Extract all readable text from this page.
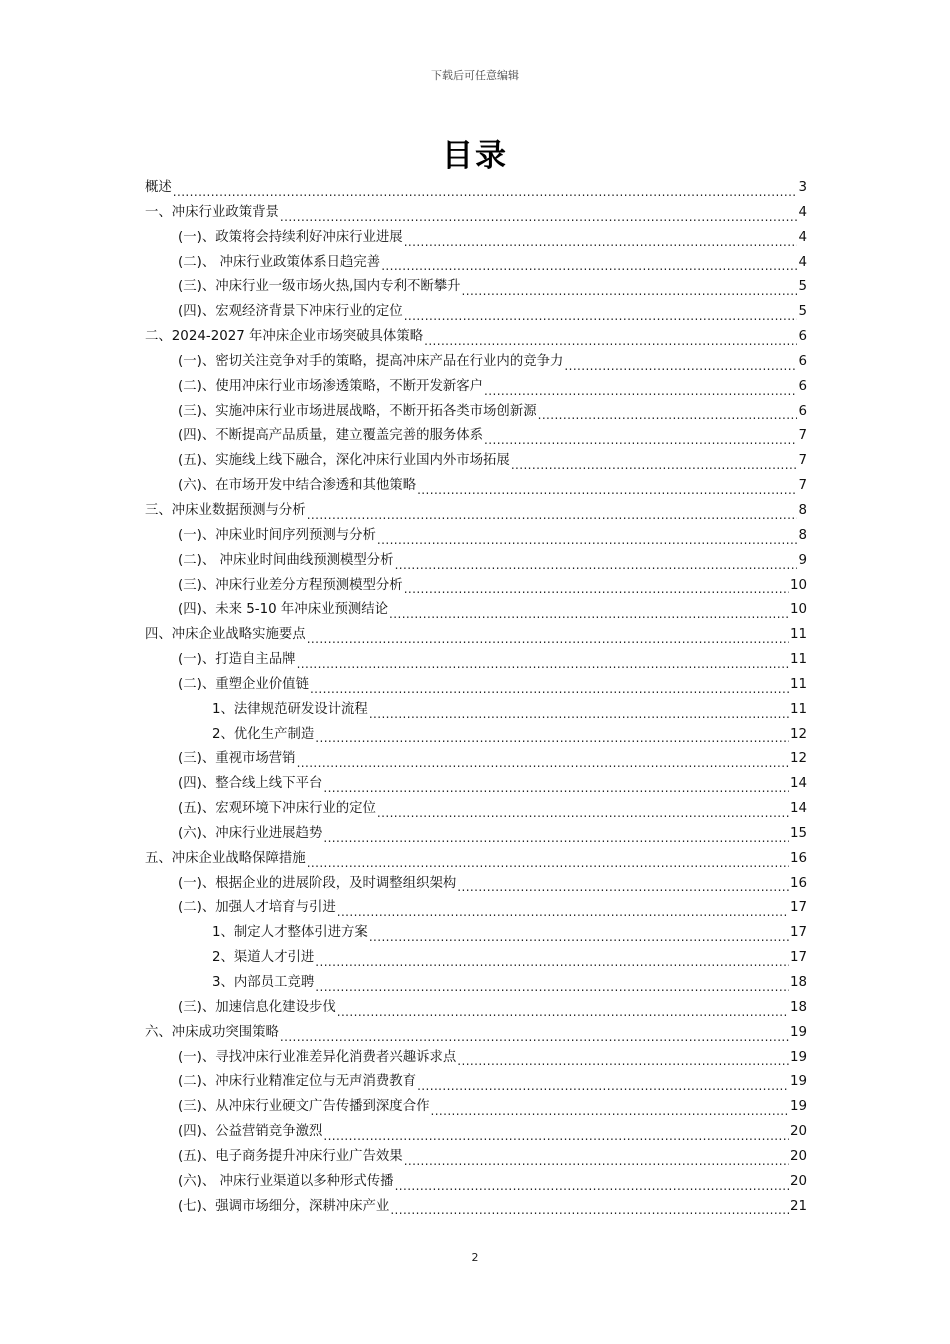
下载后可任意编辑
目录
概述 .....	3
一、冲床行业政策背景 .....	4
(一)、政策将会持续利好冲床行业进展 .....	4
(二)、 冲床行业政策体系日趋完善 .....	4
(三)、冲床行业一级市场火热,国内专利不断攀升 .....	5
(四)、宏观经济背景下冲床行业的定位 .....	5
二、2024-2027 年冲床企业市场突破具体策略 .....	6
(一)、密切关注竞争对手的策略，提高冲床产品在行业内的竞争力 .....	6
(二)、使用冲床行业市场渗透策略，不断开发新客户 .....	6
(三)、实施冲床行业市场进展战略，不断开拓各类市场创新源 .....	6
(四)、不断提高产品质量，建立覆盖完善的服务体系 .....	7
(五)、实施线上线下融合，深化冲床行业国内外市场拓展 .....	7
(六)、在市场开发中结合渗透和其他策略 .....	7
三、冲床业数据预测与分析 .....	8
(一)、冲床业时间序列预测与分析 .....	8
(二)、 冲床业时间曲线预测模型分析 .....	9
(三)、冲床行业差分方程预测模型分析 .....	10
(四)、未来 5-10 年冲床业预测结论 .....	10
四、冲床企业战略实施要点 .....	11
(一)、打造自主品牌 .....	11
(二)、重塑企业价值链 .....	11
1、法律规范研发设计流程 .....	11
2、优化生产制造 .....	12
(三)、重视市场营销 .....	12
(四)、整合线上线下平台 .....	14
(五)、宏观环境下冲床行业的定位 .....	14
(六)、冲床行业进展趋势 .....	15
五、冲床企业战略保障措施 .....	16
(一)、根据企业的进展阶段，及时调整组织架构 .....	16
(二)、加强人才培育与引进 .....	17
1、制定人才整体引进方案 .....	17
2、渠道人才引进 .....	17
3、内部员工竞聘 .....	18
(三)、加速信息化建设步伐 .....	18
六、冲床成功突围策略 .....	19
(一)、寻找冲床行业准差异化消费者兴趣诉求点 .....	19
(二)、冲床行业精准定位与无声消费教育 .....	19
(三)、从冲床行业硬文广告传播到深度合作 .....	19
(四)、公益营销竞争激烈 .....	20
(五)、电子商务提升冲床行业广告效果 .....	20
(六)、 冲床行业渠道以多种形式传播 .....	20
(七)、强调市场细分，深耕冲床产业 .....	21
2
